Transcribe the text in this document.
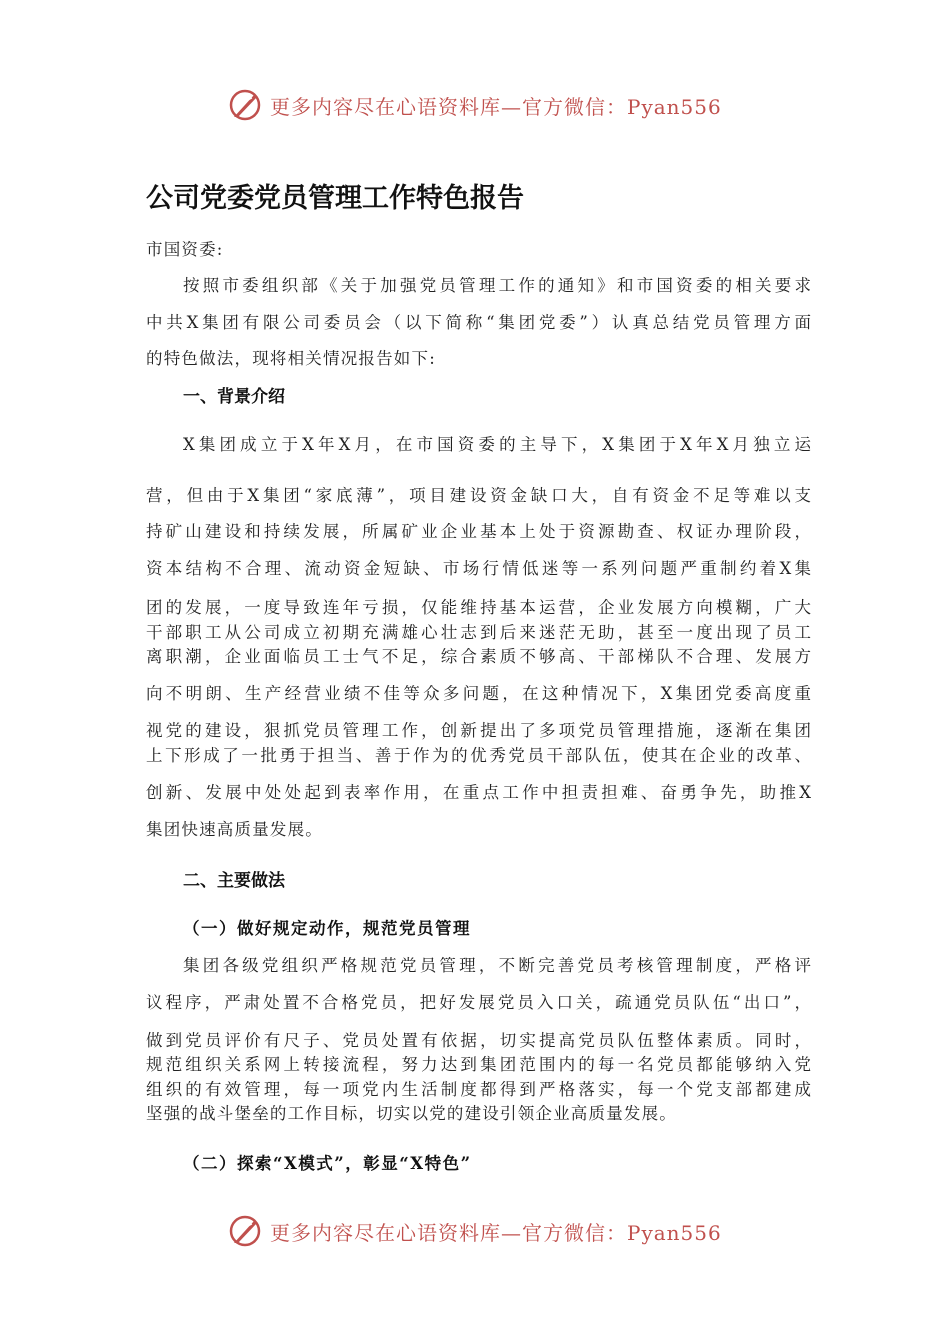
更多内容尽在心语资料库—官方微信：Pyan556
公司党委党员管理工作特色报告
市国资委:
按照市委组织部《关于加强党员管理工作的通知》和市国资委的相关要求
中共X集团有限公司委员会（以下简称“集团党委”）认真总结党员管理方面
的特色做法，现将相关情况报告如下:
一、背景介绍
X集团成立于X年X月，在市国资委的主导下，X集团于X年X月独立运
营，但由于X集团“家底薄”，项目建设资金缺口大，自有资金不足等难以支
持矿山建设和持续发展，所属矿业企业基本上处于资源勘查、权证办理阶段，
资本结构不合理、流动资金短缺、市场行情低迷等一系列问题严重制约着X集
团的发展，一度导致连年亏损，仅能维持基本运营，企业发展方向模糊，广大
干部职工从公司成立初期充满雄心壮志到后来迷茫无助，甚至一度出现了员工
离职潮，企业面临员工士气不足，综合素质不够高、干部梯队不合理、发展方
向不明朗、生产经营业绩不佳等众多问题，在这种情况下，X集团党委高度重
视党的建设，狠抓党员管理工作，创新提出了多项党员管理措施，逐渐在集团
上下形成了一批勇于担当、善于作为的优秀党员干部队伍，使其在企业的改革、
创新、发展中处处起到表率作用，在重点工作中担责担难、奋勇争先，助推X
集团快速高质量发展。
二、主要做法
（一）做好规定动作，规范党员管理
集团各级党组织严格规范党员管理，不断完善党员考核管理制度，严格评
议程序，严肃处置不合格党员，把好发展党员入口关，疏通党员队伍“出口”，
做到党员评价有尺子、党员处置有依据，切实提高党员队伍整体素质。同时，
规范组织关系网上转接流程，努力达到集团范围内的每一名党员都能够纳入党
组织的有效管理，每一项党内生活制度都得到严格落实，每一个党支部都建成
坚强的战斗堡垒的工作目标，切实以党的建设引领企业高质量发展。
（二）探索“X模式”，彰显“X特色”
更多内容尽在心语资料库—官方微信：Pyan556
